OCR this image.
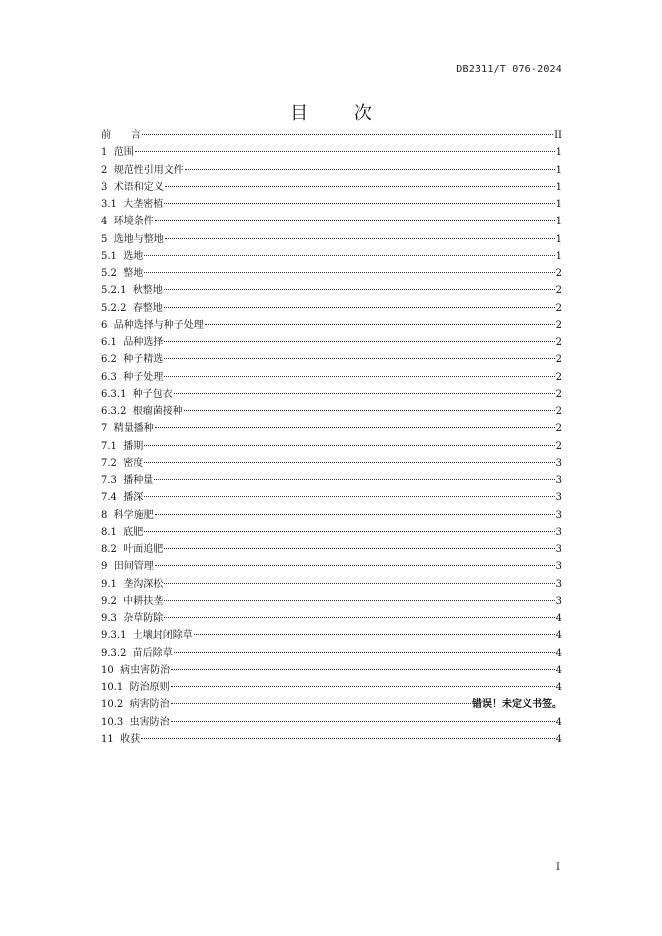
DB2311/T 076-2024
目 次
前　　言	II
1  范围	1
2  规范性引用文件	1
3  术语和定义	1
3.1  大垄密植	1
4  环境条件	1
5  选地与整地	1
5.1  选地	1
5.2  整地	2
5.2.1  秋整地	2
5.2.2  春整地	2
6  品种选择与种子处理	2
6.1  品种选择	2
6.2  种子精选	2
6.3  种子处理	2
6.3.1  种子包衣	2
6.3.2  根瘤菌接种	2
7  精量播种	2
7.1  播期	2
7.2  密度	3
7.3  播种量	3
7.4  播深	3
8  科学施肥	3
8.1  底肥	3
8.2  叶面追肥	3
9  田间管理	3
9.1  垄沟深松	3
9.2  中耕扶垄	3
9.3  杂草防除	4
9.3.1  土壤封闭除草	4
9.3.2  苗后除草	4
10  病虫害防治	4
10.1  防治原则	4
10.2  病害防治	错误！未定义书签。
10.3  虫害防治	4
11  收获	4
I
